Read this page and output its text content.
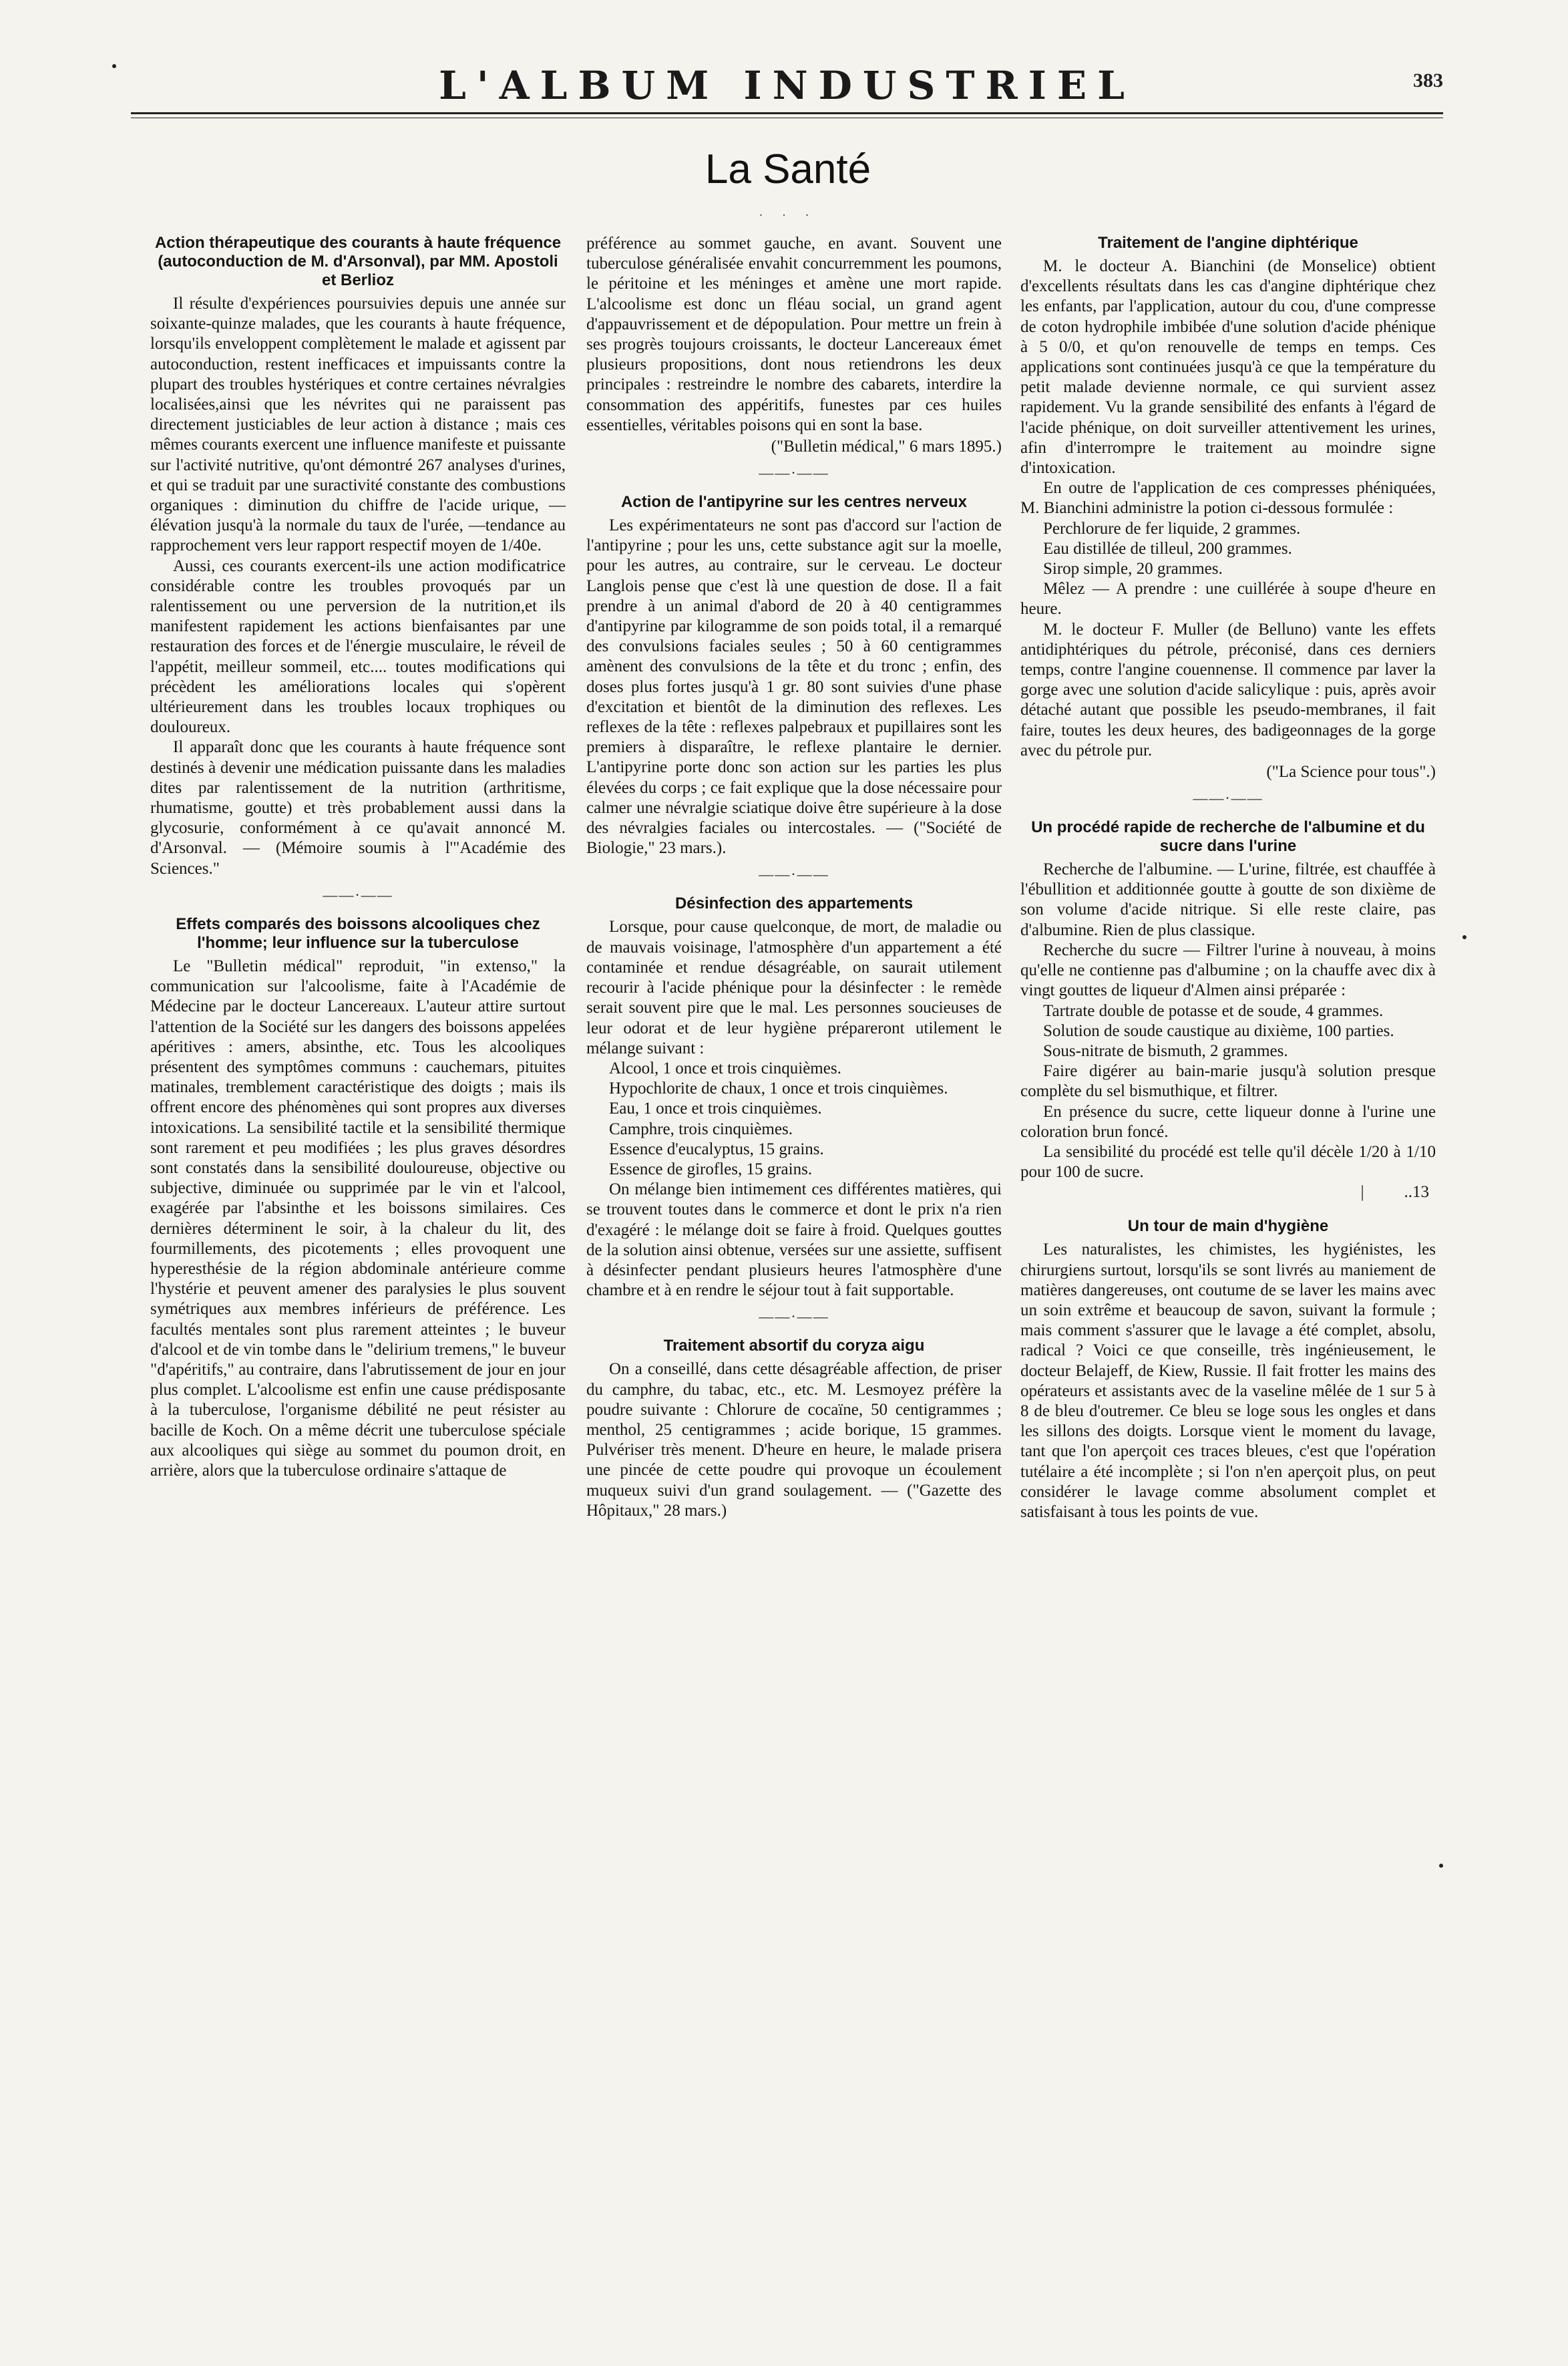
L'ALBUM INDUSTRIEL	383
La Santé
· · ·
Action thérapeutique des courants à haute fréquence (autoconduction de M. d'Arsonval), par MM. Apostoli et Berlioz

Il résulte d'expériences poursuivies depuis une année sur soixante-quinze malades, que les courants à haute fréquence, lorsqu'ils enveloppent complètement le malade et agissent par autoconduction, restent inefficaces et impuissants contre la plupart des troubles hystériques et contre certaines névralgies localisées,ainsi que les névrites qui ne paraissent pas directement justiciables de leur action à distance ; mais ces mêmes courants exercent une influence manifeste et puissante sur l'activité nutritive, qu'ont démontré 267 analyses d'urines, et qui se traduit par une suractivité constante des combustions organiques : diminution du chiffre de l'acide urique, — élévation jusqu'à la normale du taux de l'urée, —tendance au rapprochement vers leur rapport respectif moyen de 1/40e.

Aussi, ces courants exercent-ils une action modificatrice considérable contre les troubles provoqués par un ralentissement ou une perversion de la nutrition,et ils manifestent rapidement les actions bienfaisantes par une restauration des forces et de l'énergie musculaire, le réveil de l'appétit, meilleur sommeil, etc.... toutes modifications qui précèdent les améliorations locales qui s'opèrent ultérieurement dans les troubles locaux trophiques ou douloureux.

Il apparaît donc que les courants à haute fréquence sont destinés à devenir une médication puissante dans les maladies dites par ralentissement de la nutrition (arthritisme, rhumatisme, goutte) et très probablement aussi dans la glycosurie, conformément à ce qu'avait annoncé M. d'Arsonval. — (Mémoire soumis à l'"Académie des Sciences."

——·——
Effets comparés des boissons alcooliques chez l'homme; leur influence sur la tuberculose

Le "Bulletin médical" reproduit, "in extenso," la communication sur l'alcoolisme, faite à l'Académie de Médecine par le docteur Lancereaux. L'auteur attire surtout l'attention de la Société sur les dangers des boissons appelées apéritives : amers, absinthe, etc. Tous les alcooliques présentent des symptômes communs : cauchemars, pituites matinales, tremblement caractéristique des doigts ; mais ils offrent encore des phénomènes qui sont propres aux diverses intoxications. La sensibilité tactile et la sensibilité thermique sont rarement et peu modifiées ; les plus graves désordres sont constatés dans la sensibilité douloureuse, objective ou subjective, diminuée ou supprimée par le vin et l'alcool, exagérée par l'absinthe et les boissons similaires. Ces dernières déterminent le soir, à la chaleur du lit, des fourmillements, des picotements ; elles provoquent une hyperesthésie de la région abdominale antérieure comme l'hystérie et peuvent amener des paralysies le plus souvent symétriques aux membres inférieurs de préférence. Les facultés mentales sont plus rarement atteintes ; le buveur d'alcool et de vin tombe dans le "delirium tremens," le buveur "d'apéritifs," au contraire, dans l'abrutissement de jour en jour plus complet. L'alcoolisme est enfin une cause prédisposante à la tuberculose, l'organisme débilité ne peut résister au bacille de Koch. On a même décrit une tuberculose spéciale aux alcooliques qui siège au sommet du poumon droit, en arrière, alors que la tuberculose ordinaire s'attaque de

préférence au sommet gauche, en avant. Souvent une tuberculose généralisée envahit concurremment les poumons, le péritoine et les méninges et amène une mort rapide. L'alcoolisme est donc un fléau social, un grand agent d'appauvrissement et de dépopulation. Pour mettre un frein à ses progrès toujours croissants, le docteur Lancereaux émet plusieurs propositions, dont nous retiendrons les deux principales : restreindre le nombre des cabarets, interdire la consommation des appéritifs, funestes par ces huiles essentielles, véritables poisons qui en sont la base.

("Bulletin médical," 6 mars 1895.)

——·——
Action de l'antipyrine sur les centres nerveux

Les expérimentateurs ne sont pas d'accord sur l'action de l'antipyrine ; pour les uns, cette substance agit sur la moelle, pour les autres, au contraire, sur le cerveau. Le docteur Langlois pense que c'est là une question de dose. Il a fait prendre à un animal d'abord de 20 à 40 centigrammes d'antipyrine par kilogramme de son poids total, il a remarqué des convulsions faciales seules ; 50 à 60 centigrammes amènent des convulsions de la tête et du tronc ; enfin, des doses plus fortes jusqu'à 1 gr. 80 sont suivies d'une phase d'excitation et bientôt de la diminution des reflexes. Les reflexes de la tête : reflexes palpebraux et pupillaires sont les premiers à disparaître, le reflexe plantaire le dernier. L'antipyrine porte donc son action sur les parties les plus élevées du corps ; ce fait explique que la dose nécessaire pour calmer une névralgie sciatique doive être supérieure à la dose des névralgies faciales ou intercostales. — ("Société de Biologie," 23 mars.).

——·——
Désinfection des appartements

Lorsque, pour cause quelconque, de mort, de maladie ou de mauvais voisinage, l'atmosphère d'un appartement a été contaminée et rendue désagréable, on saurait utilement recourir à l'acide phénique pour la désinfecter : le remède serait souvent pire que le mal. Les personnes soucieuses de leur odorat et de leur hygiène prépareront utilement le mélange suivant :

Alcool, 1 once et trois cinquièmes.

Hypochlorite de chaux, 1 once et trois cinquièmes.

Eau, 1 once et trois cinquièmes.

Camphre, trois cinquièmes.

Essence d'eucalyptus, 15 grains.

Essence de girofles, 15 grains.

On mélange bien intimement ces différentes matières, qui se trouvent toutes dans le commerce et dont le prix n'a rien d'exagéré : le mélange doit se faire à froid. Quelques gouttes de la solution ainsi obtenue, versées sur une assiette, suffisent à désinfecter pendant plusieurs heures l'atmosphère d'une chambre et à en rendre le séjour tout à fait supportable.

——·——
Traitement absortif du coryza aigu

On a conseillé, dans cette désagréable affection, de priser du camphre, du tabac, etc., etc. M. Lesmoyez préfère la poudre suivante : Chlorure de cocaïne, 50 centigrammes ; menthol, 25 centigrammes ; acide borique, 15 grammes. Pulvériser très menent. D'heure en heure, le malade prisera une pincée de cette poudre qui provoque un écoulement muqueux suivi d'un grand soulagement. — ("Gazette des Hôpitaux," 28 mars.)

Traitement de l'angine diphtérique

M. le docteur A. Bianchini (de Monselice) obtient d'excellents résultats dans les cas d'angine diphtérique chez les enfants, par l'application, autour du cou, d'une compresse de coton hydrophile imbibée d'une solution d'acide phénique à 5 0/0, et qu'on renouvelle de temps en temps. Ces applications sont continuées jusqu'à ce que la température du petit malade devienne normale, ce qui survient assez rapidement. Vu la grande sensibilité des enfants à l'égard de l'acide phénique, on doit surveiller attentivement les urines, afin d'interrompre le traitement au moindre signe d'intoxication.

En outre de l'application de ces compresses phéniquées, M. Bianchini administre la potion ci-dessous formulée :

Perchlorure de fer liquide, 2 grammes.

Eau distillée de tilleul, 200 grammes.

Sirop simple, 20 grammes.

Mêlez — A prendre : une cuillérée à soupe d'heure en heure.

M. le docteur F. Muller (de Belluno) vante les effets antidiphtériques du pétrole, préconisé, dans ces derniers temps, contre l'angine couennense. Il commence par laver la gorge avec une solution d'acide salicylique : puis, après avoir détaché autant que possible les pseudo-membranes, il fait faire, toutes les deux heures, des badigeonnages de la gorge avec du pétrole pur.

("La Science pour tous".)

——·——
Un procédé rapide de recherche de l'albumine et du sucre dans l'urine

Recherche de l'albumine. — L'urine, filtrée, est chauffée à l'ébullition et additionnée goutte à goutte de son dixième de son volume d'acide nitrique. Si elle reste claire, pas d'albumine. Rien de plus classique.

Recherche du sucre — Filtrer l'urine à nouveau, à moins qu'elle ne contienne pas d'albumine ; on la chauffe avec dix à vingt gouttes de liqueur d'Almen ainsi préparée :

Tartrate double de potasse et de soude, 4 grammes.

Solution de soude caustique au dixième, 100 parties.

Sous-nitrate de bismuth, 2 grammes.

Faire digérer au bain-marie jusqu'à solution presque complète du sel bismuthique, et filtrer.

En présence du sucre, cette liqueur donne à l'urine une coloration brun foncé.

La sensibilité du procédé est telle qu'il décèle 1/20 à 1/10 pour 100 de sucre.

| ..13
Un tour de main d'hygiène

Les naturalistes, les chimistes, les hygiénistes, les chirurgiens surtout, lorsqu'ils se sont livrés au maniement de matières dangereuses, ont coutume de se laver les mains avec un soin extrême et beaucoup de savon, suivant la formule ; mais comment s'assurer que le lavage a été complet, absolu, radical ? Voici ce que conseille, très ingénieusement, le docteur Belajeff, de Kiew, Russie. Il fait frotter les mains des opérateurs et assistants avec de la vaseline mêlée de 1 sur 5 à 8 de bleu d'outremer. Ce bleu se loge sous les ongles et dans les sillons des doigts. Lorsque vient le moment du lavage, tant que l'on aperçoit ces traces bleues, c'est que l'opération tutélaire a été incomplète ; si l'on n'en aperçoit plus, on peut considérer le lavage comme absolument complet et satisfaisant à tous les points de vue.
